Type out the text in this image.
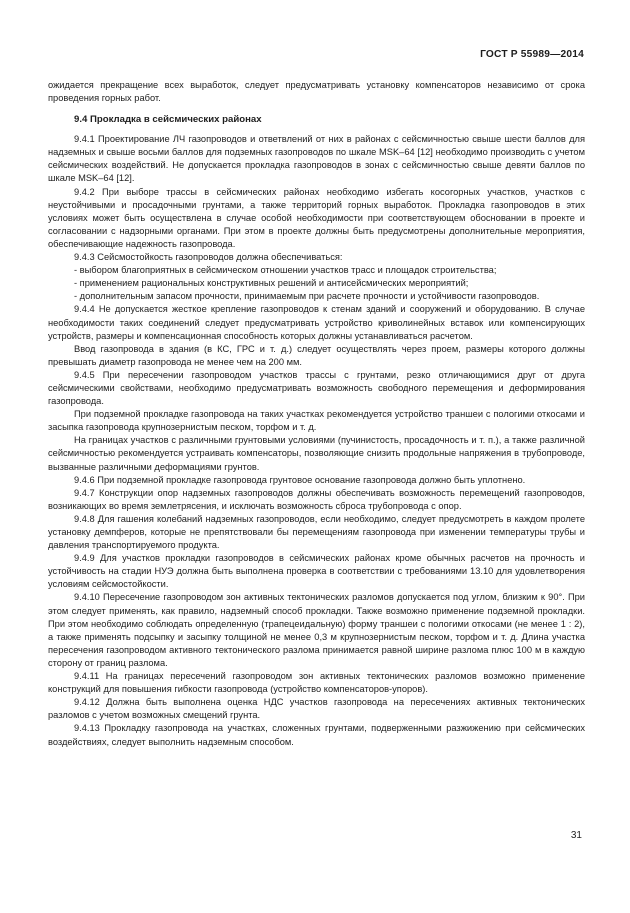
ГОСТ Р 55989—2014

ожидается прекращение всех выработок, следует предусматривать установку компенсаторов независимо от срока проведения горных работ.

9.4 Прокладка в сейсмических районах

9.4.1 Проектирование ЛЧ газопроводов и ответвлений от них в районах с сейсмичностью свыше шести баллов для надземных и свыше восьми баллов для подземных газопроводов по шкале MSK–64 [12] необходимо производить с учетом сейсмических воздействий. Не допускается прокладка газопроводов в зонах с сейсмичностью свыше девяти баллов по шкале MSK–64 [12].

9.4.2 При выборе трассы в сейсмических районах необходимо избегать косогорных участков, участков с неустойчивыми и просадочными грунтами, а также территорий горных выработок. Прокладка газопроводов в этих условиях может быть осуществлена в случае особой необходимости при соответствующем обосновании в проекте и согласовании с надзорными органами. При этом в проекте должны быть предусмотрены дополнительные мероприятия, обеспечивающие надежность газопровода.

9.4.3 Сейсмостойкость газопроводов должна обеспечиваться:

- выбором благоприятных в сейсмическом отношении участков трасс и площадок строительства;

- применением рациональных конструктивных решений и антисейсмических мероприятий;

- дополнительным запасом прочности, принимаемым при расчете прочности и устойчивости газопроводов.

9.4.4 Не допускается жесткое крепление газопроводов к стенам зданий и сооружений и оборудованию. В случае необходимости таких соединений следует предусматривать устройство криволинейных вставок или компенсирующих устройств, размеры и компенсационная способность которых должны устанавливаться расчетом.

Ввод газопровода в здания (в КС, ГРС и т. д.) следует осуществлять через проем, размеры которого должны превышать диаметр газопровода не менее чем на 200 мм.

9.4.5 При пересечении газопроводом участков трассы с грунтами, резко отличающимися друг от друга сейсмическими свойствами, необходимо предусматривать возможность свободного перемещения и деформирования газопровода.

При подземной прокладке газопровода на таких участках рекомендуется устройство траншеи с пологими откосами и засыпка газопровода крупнозернистым песком, торфом и т. д.

На границах участков с различными грунтовыми условиями (пучинистость, просадочность и т. п.), а также различной сейсмичностью рекомендуется устраивать компенсаторы, позволяющие снизить продольные напряжения в трубопроводе, вызванные различными деформациями грунтов.

9.4.6 При подземной прокладке газопровода грунтовое основание газопровода должно быть уплотнено.

9.4.7 Конструкции опор надземных газопроводов должны обеспечивать возможность перемещений газопроводов, возникающих во время землетрясения, и исключать возможность сброса трубопровода с опор.

9.4.8 Для гашения колебаний надземных газопроводов, если необходимо, следует предусмотреть в каждом пролете установку демпферов, которые не препятствовали бы перемещениям газопровода при изменении температуры трубы и давления транспортируемого продукта.

9.4.9 Для участков прокладки газопроводов в сейсмических районах кроме обычных расчетов на прочность и устойчивость на стадии НУЭ должна быть выполнена проверка в соответствии с требованиями 13.10 для удовлетворения условиям сейсмостойкости.

9.4.10 Пересечение газопроводом зон активных тектонических разломов допускается под углом, близким к 90°. При этом следует применять, как правило, надземный способ прокладки. Также возможно применение подземной прокладки. При этом необходимо соблюдать определенную (трапецеидальную) форму траншеи с пологими откосами (не менее 1 : 2), а также применять подсыпку и засыпку толщиной не менее 0,3 м крупнозернистым песком, торфом и т. д. Длина участка пересечения газопроводом активного тектонического разлома принимается равной ширине разлома плюс 100 м в каждую сторону от границ разлома.

9.4.11 На границах пересечений газопроводом зон активных тектонических разломов возможно применение конструкций для повышения гибкости газопровода (устройство компенсаторов-упоров).

9.4.12 Должна быть выполнена оценка НДС участков газопровода на пересечениях активных тектонических разломов с учетом возможных смещений грунта.

9.4.13 Прокладку газопровода на участках, сложенных грунтами, подверженными разжижению при сейсмических воздействиях, следует выполнить надземным способом.

31
